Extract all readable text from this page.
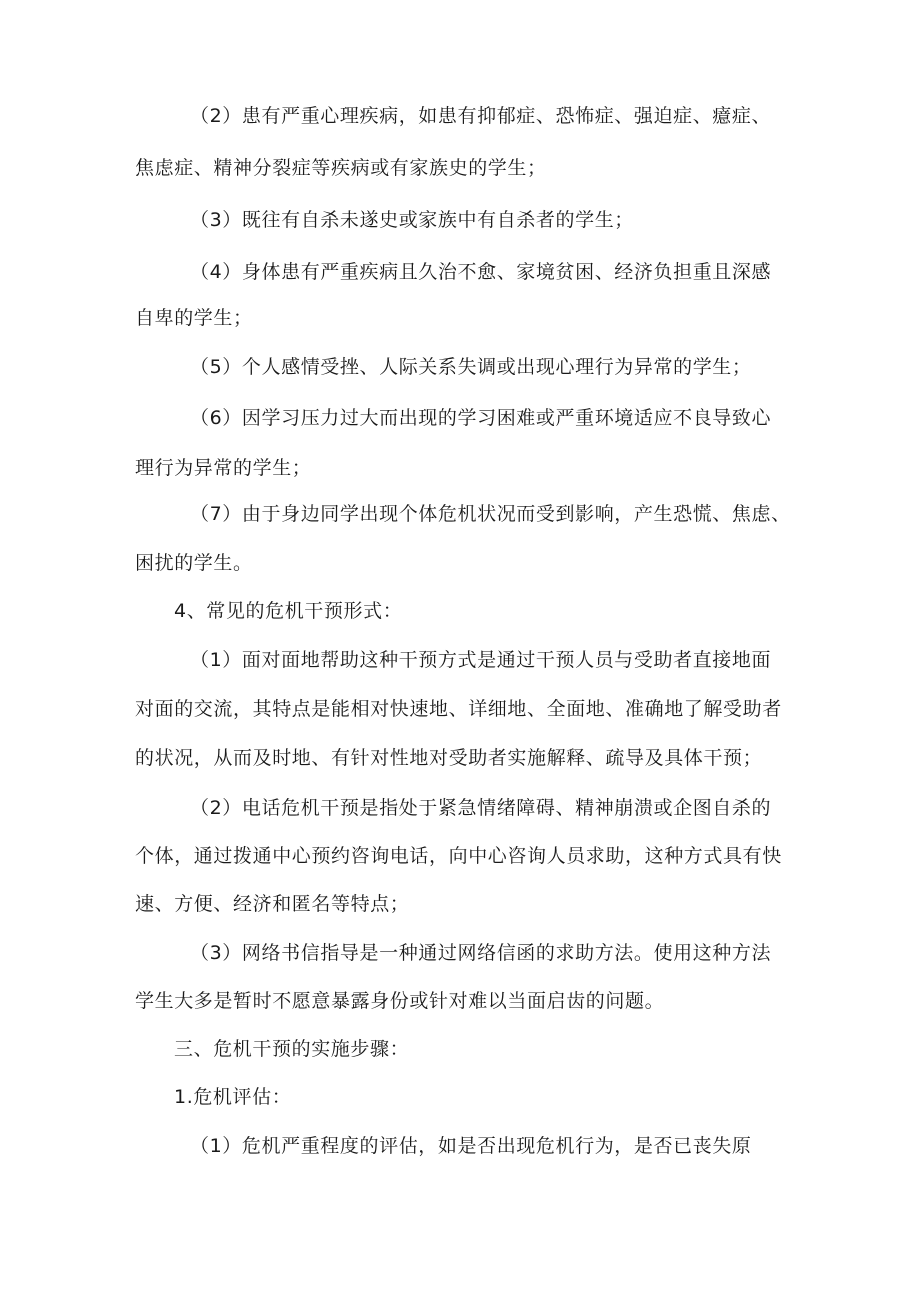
（2）患有严重心理疾病，如患有抑郁症、恐怖症、强迫症、癔症、
焦虑症、精神分裂症等疾病或有家族史的学生；
（3）既往有自杀未遂史或家族中有自杀者的学生；
（4）身体患有严重疾病且久治不愈、家境贫困、经济负担重且深感
自卑的学生；
（5）个人感情受挫、人际关系失调或出现心理行为异常的学生；
（6）因学习压力过大而出现的学习困难或严重环境适应不良导致心
理行为异常的学生；
（7）由于身边同学出现个体危机状况而受到影响，产生恐慌、焦虑、
困扰的学生。
4、常见的危机干预形式：
（1）面对面地帮助这种干预方式是通过干预人员与受助者直接地面
对面的交流，其特点是能相对快速地、详细地、全面地、准确地了解受助者
的状况，从而及时地、有针对性地对受助者实施解释、疏导及具体干预；
（2）电话危机干预是指处于紧急情绪障碍、精神崩溃或企图自杀的
个体，通过拨通中心预约咨询电话，向中心咨询人员求助，这种方式具有快
速、方便、经济和匿名等特点；
（3）网络书信指导是一种通过网络信函的求助方法。使用这种方法
学生大多是暂时不愿意暴露身份或针对难以当面启齿的问题。
三、危机干预的实施步骤：
1.危机评估：
（1）危机严重程度的评估，如是否出现危机行为，是否已丧失原
